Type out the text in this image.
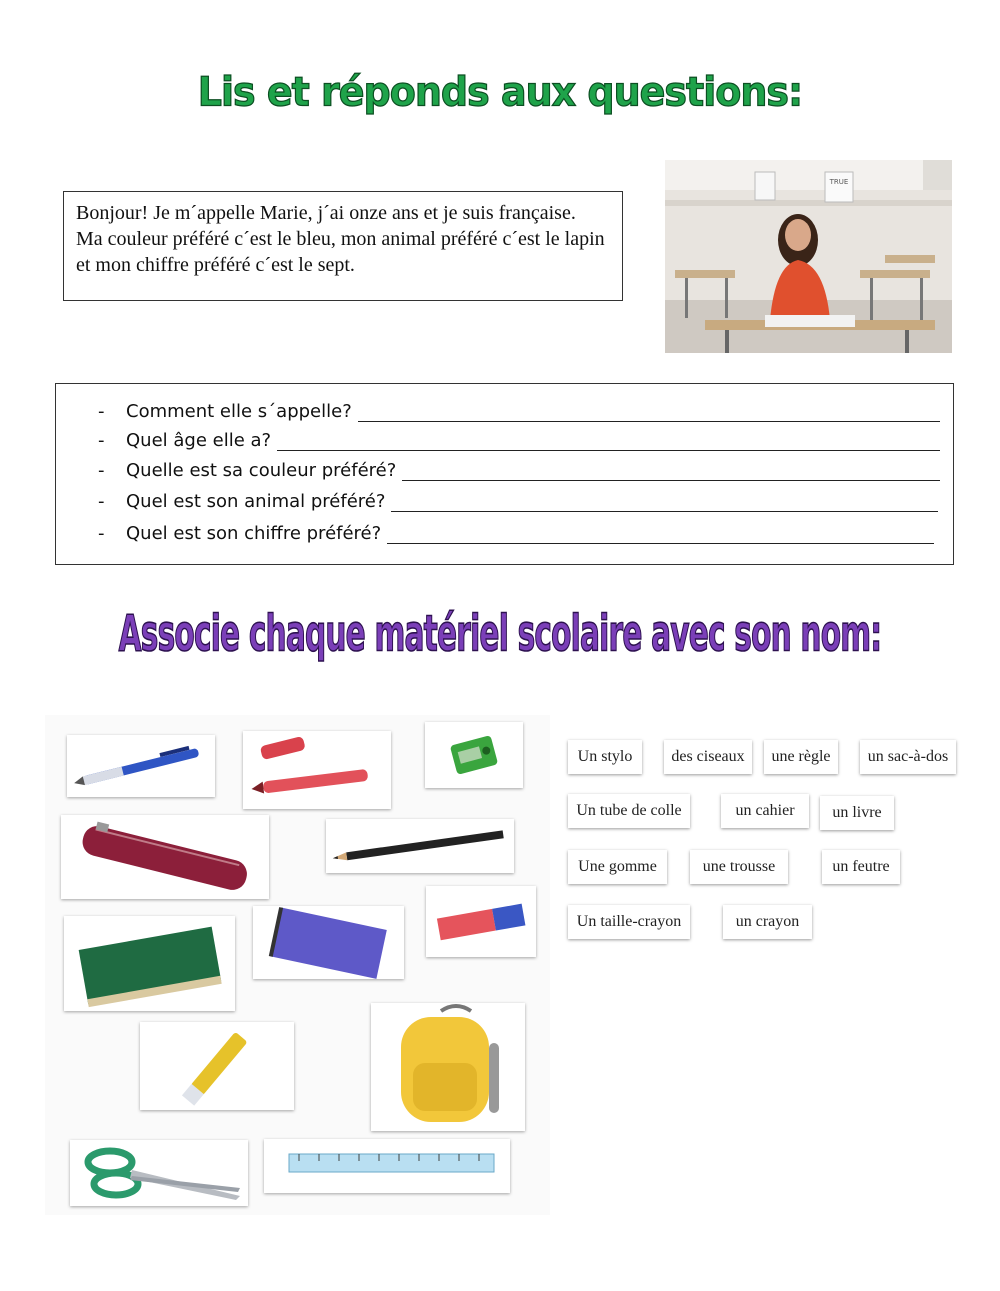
Lis et réponds aux questions:

Bonjour! Je m´appelle Marie, j´ai onze ans et je suis française.

Ma couleur préféré c´est le bleu, mon animal préféré c´est le lapin et mon chiffre préféré c´est le sept.

TRUE
-	Comment elle s´appelle?
-	Quel âge elle a?
-	Quelle est sa couleur préféré?
-	Quel est son animal préféré?
-	Quel est son chiffre préféré?
Associe chaque matériel scolaire avec son nom:
Un stylo	des ciseaux	une règle	un sac-à-dos
Un tube de colle	un cahier	un livre
Une gomme	une trousse	un feutre
Un taille-crayon	un crayon
